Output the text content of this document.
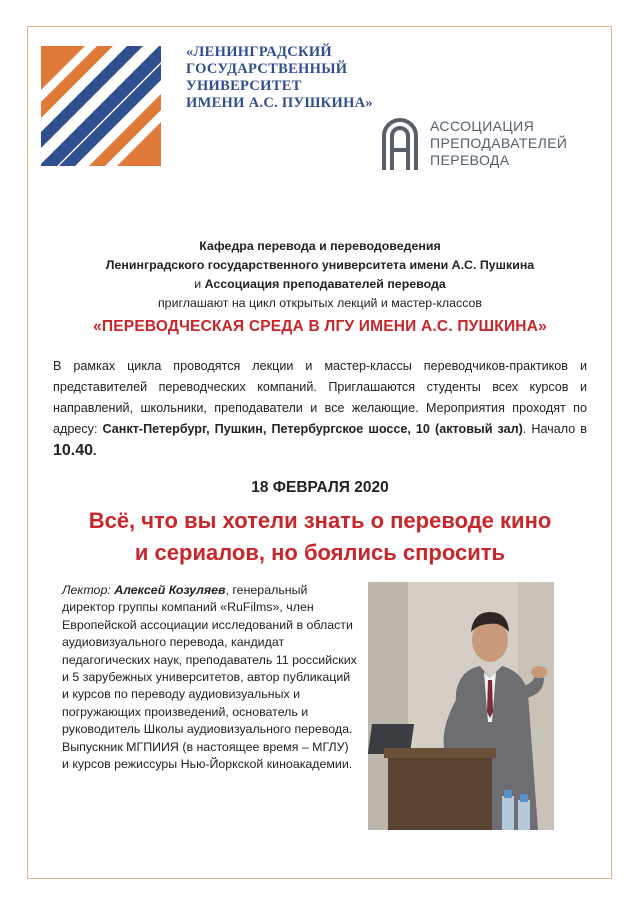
«ЛЕНИНГРАДСКИЙ
ГОСУДАРСТВЕННЫЙ
УНИВЕРСИТЕТ
ИМЕНИ А.С. ПУШКИНА»
АССОЦИАЦИЯ
ПРЕПОДАВАТЕЛЕЙ
ПЕРЕВОДА
Кафедра перевода и переводоведения
Ленинградского государственного университета имени А.С. Пушкина
и Ассоциация преподавателей перевода
приглашают на цикл открытых лекций и мастер-классов
«ПЕРЕВОДЧЕСКАЯ СРЕДА В ЛГУ ИМЕНИ А.С. ПУШКИНА»
В рамках цикла проводятся лекции и мастер-классы переводчиков-практиков и представителей переводческих компаний. Приглашаются студенты всех курсов и направлений, школьники, преподаватели и все желающие. Мероприятия проходят по адресу: Санкт-Петербург, Пушкин, Петербургское шоссе, 10 (актовый зал). Начало в 10.40.
18 ФЕВРАЛЯ 2020
Всё, что вы хотели знать о переводе кино
и сериалов, но боялись спросить
Лектор: Алексей Козуляев, генеральный директор группы компаний «RuFilms», член Европейской ассоциации исследований в области аудиовизуального перевода, кандидат педагогических наук, преподаватель 11 российских и 5 зарубежных университетов, автор публикаций и курсов по переводу аудиовизуальных и погружающих произведений, основатель и руководитель Школы аудиовизуального перевода. Выпускник МГПИИЯ (в настоящее время – МГЛУ) и курсов режиссуры Нью-Йоркской киноакадемии.
